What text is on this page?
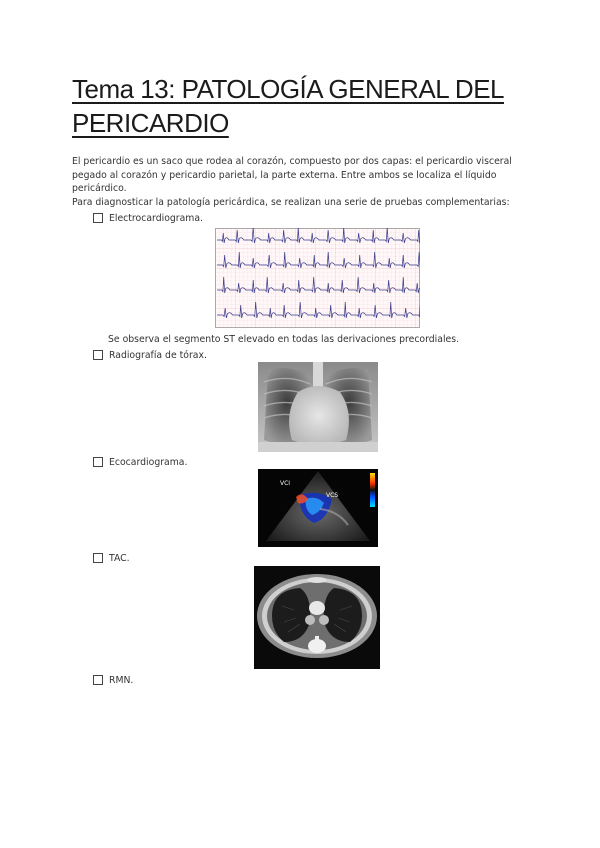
Tema 13: PATOLOGÍA GENERAL DEL
PERICARDIO

El pericardio es un saco que rodea al corazón, compuesto por dos capas: el pericardio visceral pegado al corazón y pericardio parietal, la parte externa. Entre ambos se localiza el líquido pericárdico.

Para diagnosticar la patología pericárdica, se realizan una serie de pruebas complementarias:

Electrocardiograma.
Se observa el segmento ST elevado en todas las derivaciones precordiales.
Radiografía de tórax.
Ecocardiograma.
VCI
VCS
TAC.
RMN.
